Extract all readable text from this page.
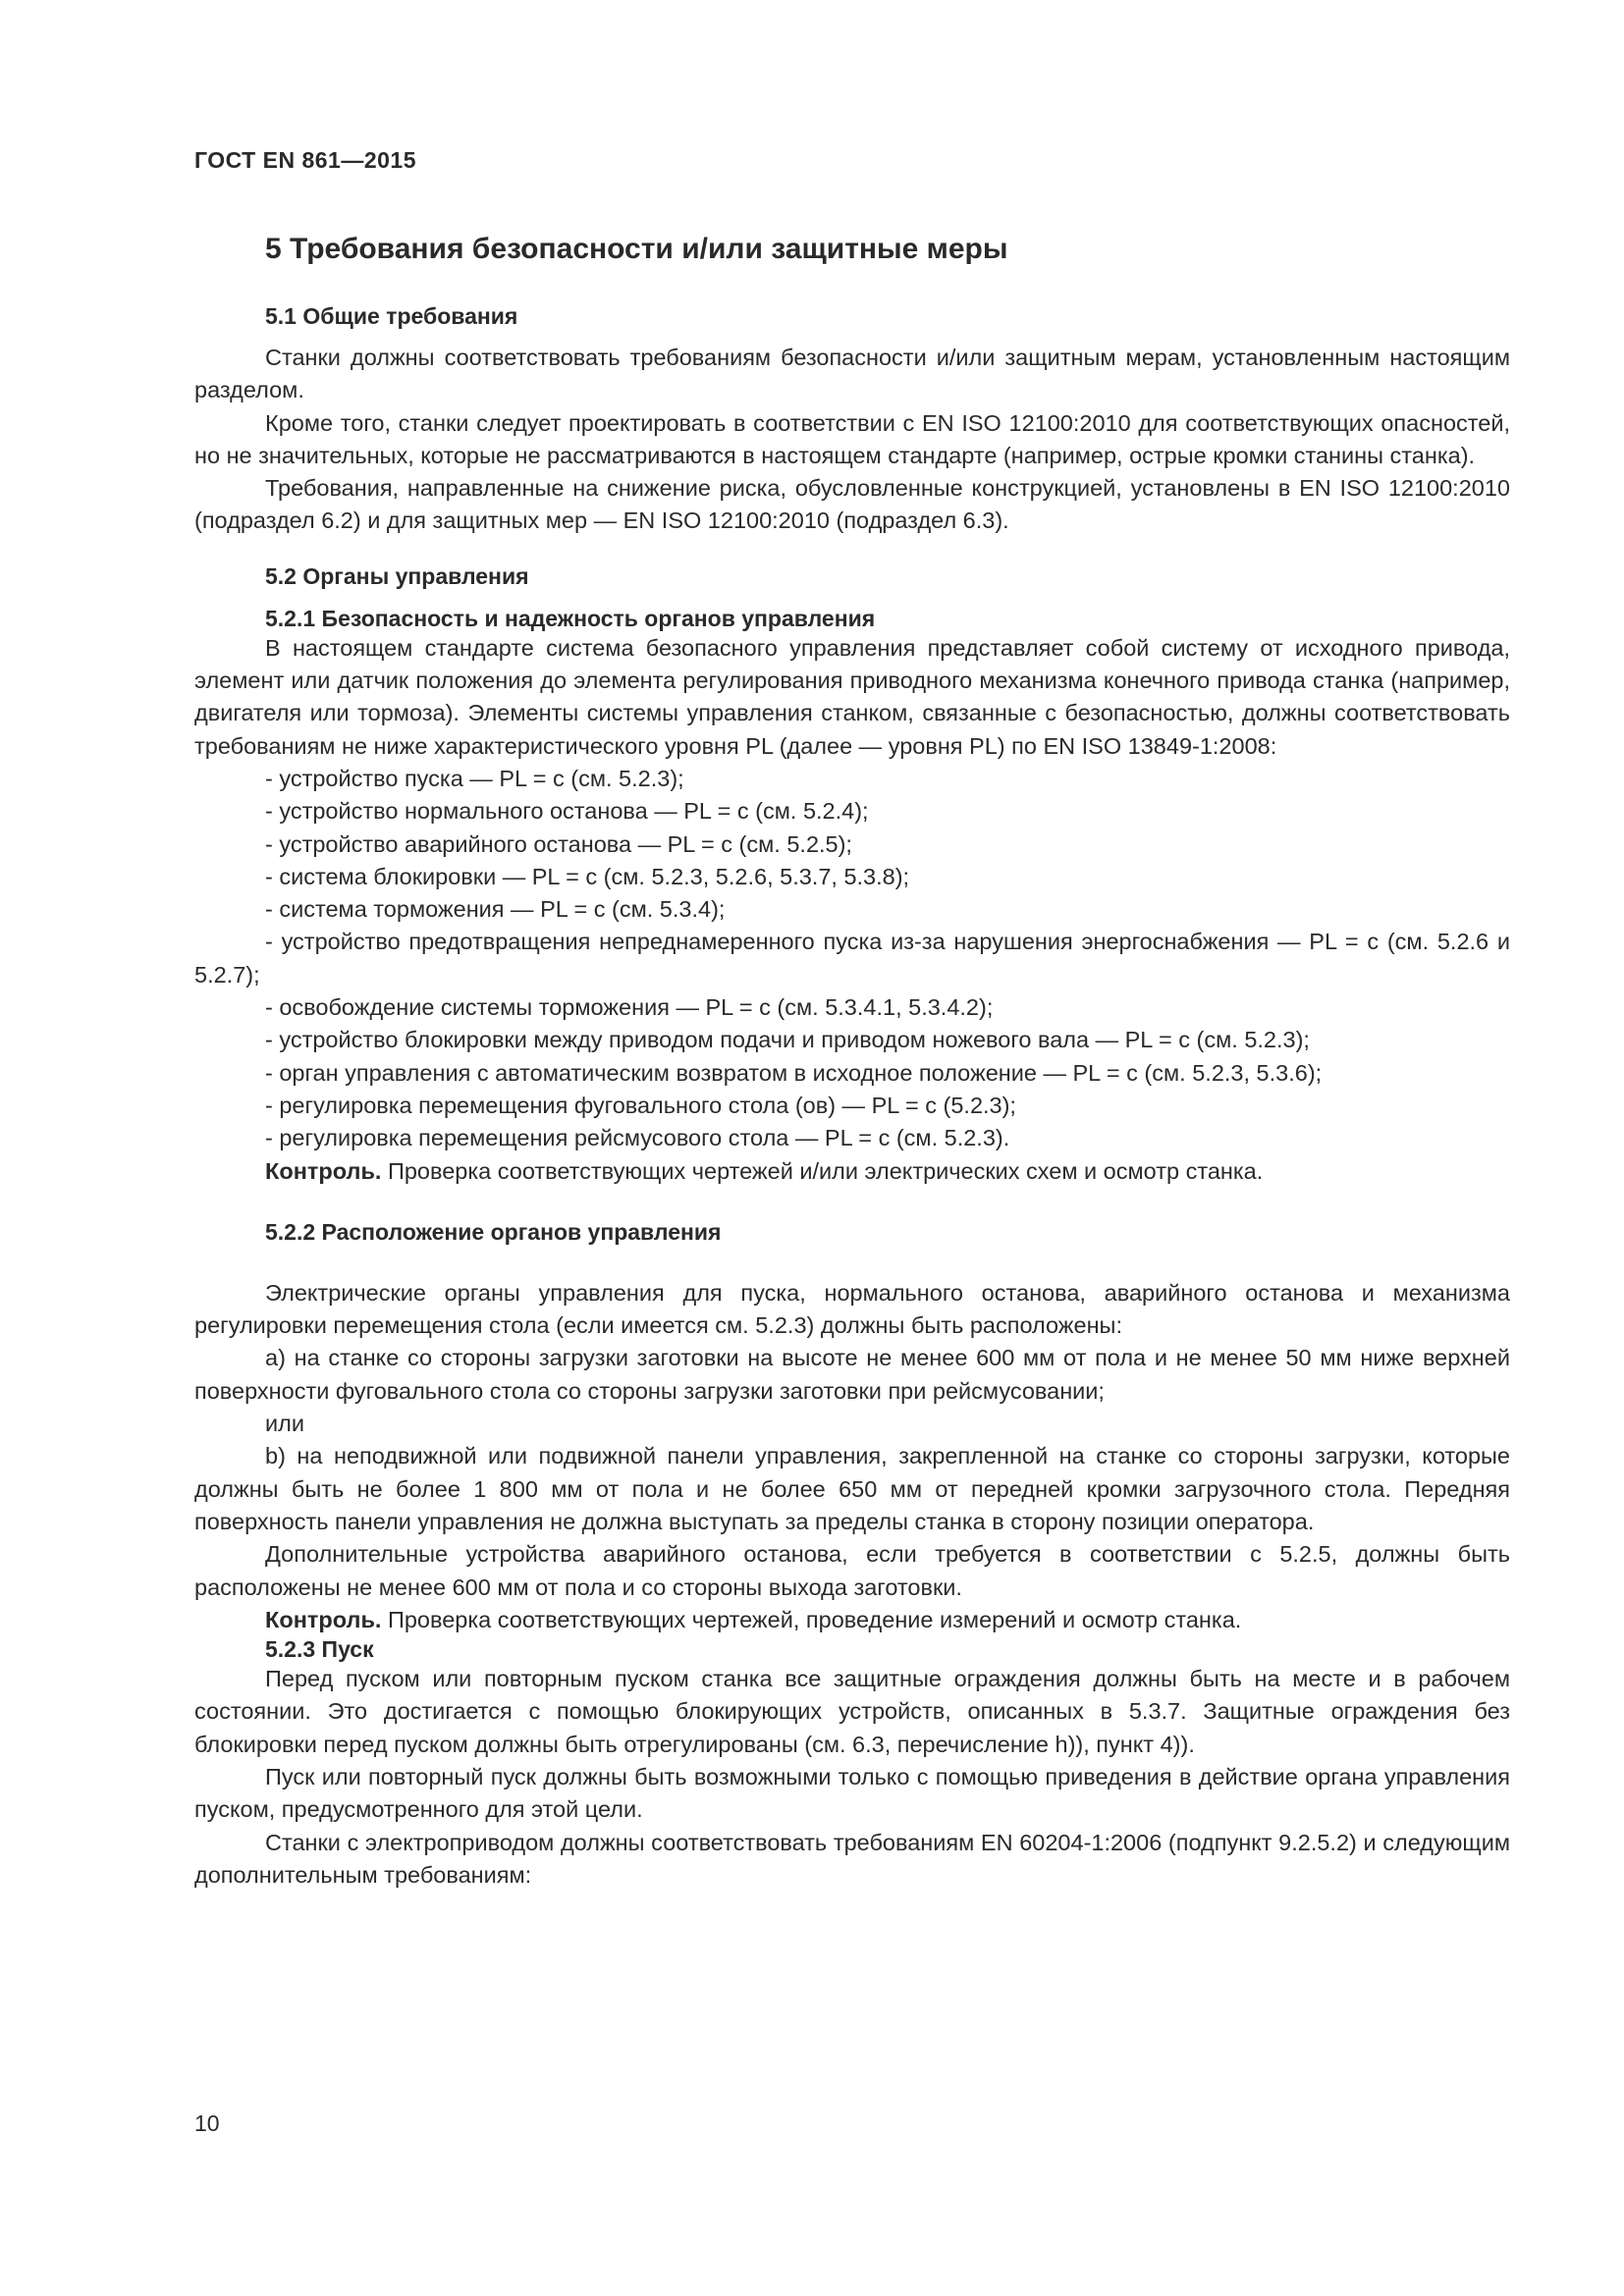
ГОСТ EN 861—2015

5 Требования безопасности и/или защитные меры
5.1 Общие требования

Станки должны соответствовать требованиям безопасности и/или защитным мерам, установленным настоящим разделом.

Кроме того, станки следует проектировать в соответствии с EN ISO 12100:2010 для соответствующих опасностей, но не значительных, которые не рассматриваются в настоящем стандарте (например, острые кромки станины станка).

Требования, направленные на снижение риска, обусловленные конструкцией, установлены в EN ISO 12100:2010 (подраздел 6.2) и для защитных мер — EN ISO 12100:2010 (подраздел 6.3).

5.2 Органы управления
5.2.1 Безопасность и надежность органов управления

В настоящем стандарте система безопасного управления представляет собой систему от исходного привода, элемент или датчик положения до элемента регулирования приводного механизма конечного привода станка (например, двигателя или тормоза). Элементы системы управления станком, связанные с безопасностью, должны соответствовать требованиям не ниже характеристического уровня PL (далее — уровня PL) по EN ISO 13849-1:2008:

- устройство пуска — PL = c (см. 5.2.3);

- устройство нормального останова — PL = c (см. 5.2.4);

- устройство аварийного останова — PL = c (см. 5.2.5);

- система блокировки — PL = c (см. 5.2.3, 5.2.6, 5.3.7, 5.3.8);

- система торможения — PL = c (см. 5.3.4);

- устройство предотвращения непреднамеренного пуска из-за нарушения энергоснабжения — PL = c (см. 5.2.6 и 5.2.7);

- освобождение системы торможения — PL = c (см. 5.3.4.1, 5.3.4.2);

- устройство блокировки между приводом подачи и приводом ножевого вала — PL = c (см. 5.2.3);

- орган управления с автоматическим возвратом в исходное положение — PL = c (см. 5.2.3, 5.3.6);

- регулировка перемещения фуговального стола (ов) — PL = c (5.2.3);

- регулировка перемещения рейсмусового стола — PL = c (см. 5.2.3).

Контроль. Проверка соответствующих чертежей и/или электрических схем и осмотр станка.

5.2.2 Расположение органов управления

Электрические органы управления для пуска, нормального останова, аварийного останова и механизма регулировки перемещения стола (если имеется см. 5.2.3) должны быть расположены:

a) на станке со стороны загрузки заготовки на высоте не менее 600 мм от пола и не менее 50 мм ниже верхней поверхности фуговального стола со стороны загрузки заготовки при рейсмусовании;

или

b) на неподвижной или подвижной панели управления, закрепленной на станке со стороны загрузки, которые должны быть не более 1 800 мм от пола и не более 650 мм от передней кромки загрузочного стола. Передняя поверхность панели управления не должна выступать за пределы станка в сторону позиции оператора.

Дополнительные устройства аварийного останова, если требуется в соответствии с 5.2.5, должны быть расположены не менее 600 мм от пола и со стороны выхода заготовки.

Контроль. Проверка соответствующих чертежей, проведение измерений и осмотр станка.

5.2.3 Пуск

Перед пуском или повторным пуском станка все защитные ограждения должны быть на месте и в рабочем состоянии. Это достигается с помощью блокирующих устройств, описанных в 5.3.7. Защитные ограждения без блокировки перед пуском должны быть отрегулированы (см. 6.3, перечисление h)), пункт 4)).

Пуск или повторный пуск должны быть возможными только с помощью приведения в действие органа управления пуском, предусмотренного для этой цели.

Станки с электроприводом должны соответствовать требованиям EN 60204-1:2006 (подпункт 9.2.5.2) и следующим дополнительным требованиям:

10
